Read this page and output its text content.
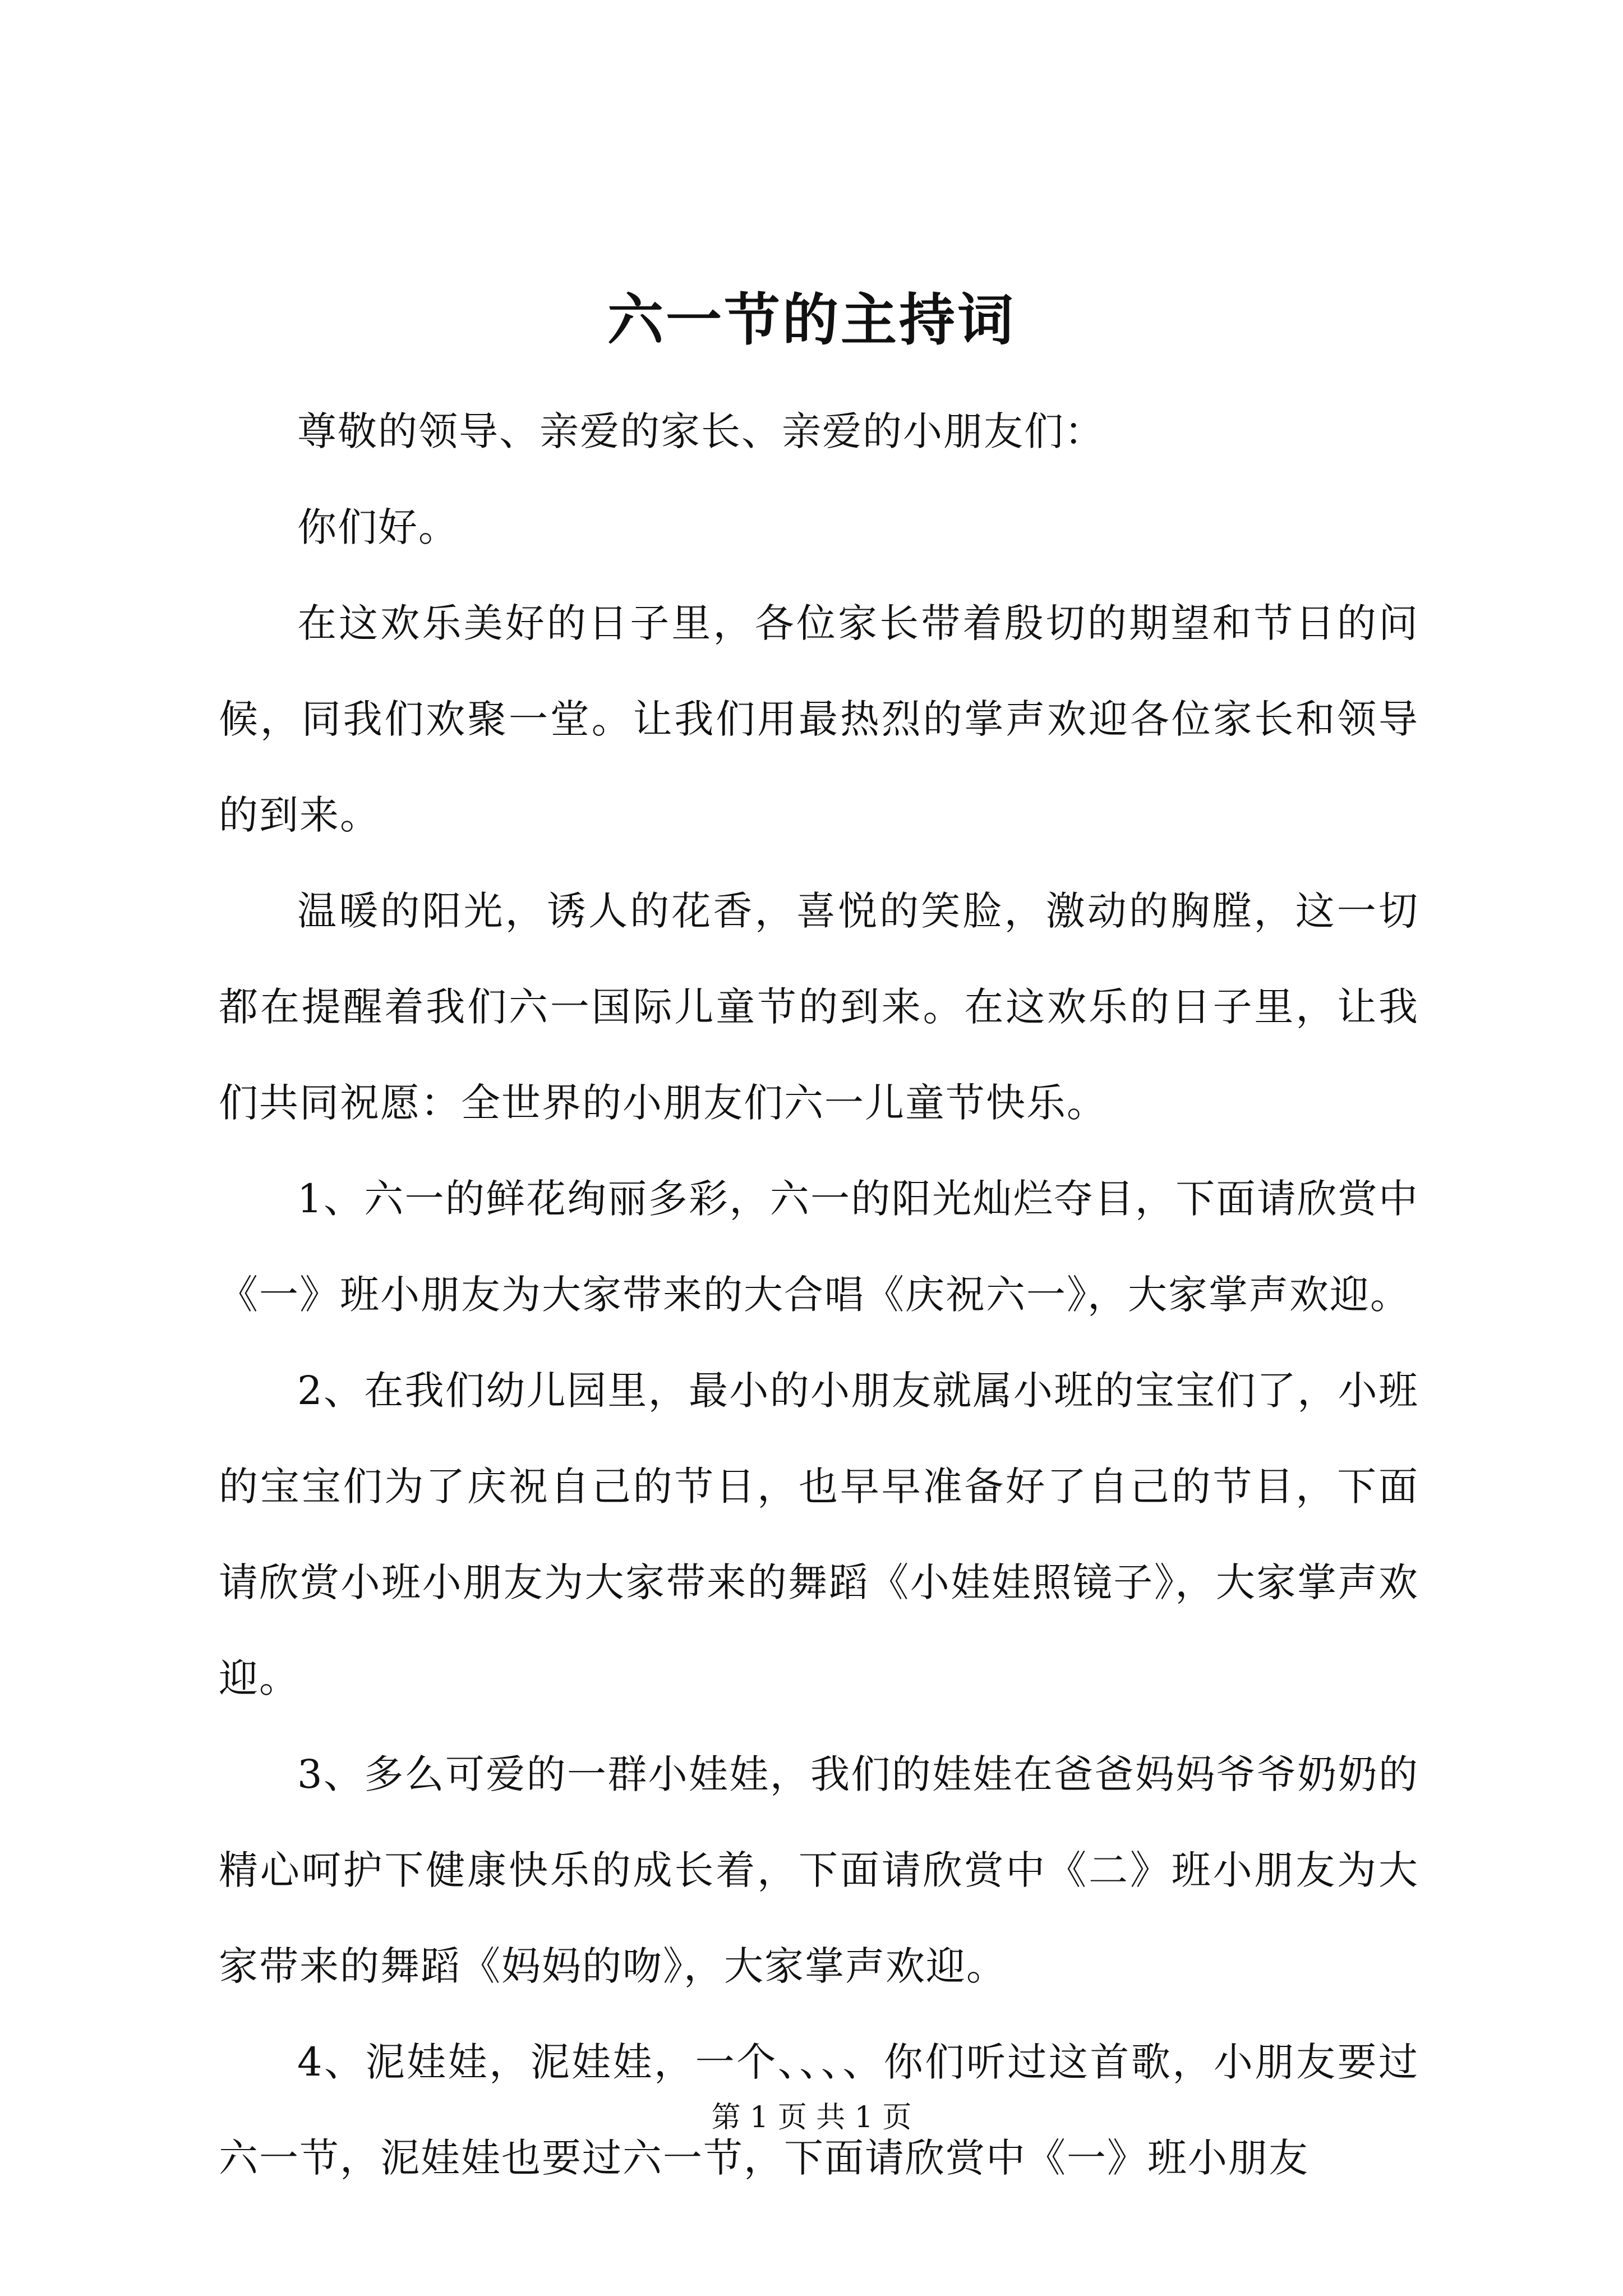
六一节的主持词

尊敬的领导、亲爱的家长、亲爱的小朋友们：

你们好。

在这欢乐美好的日子里，各位家长带着殷切的期望和节日的问候，同我们欢聚一堂。让我们用最热烈的掌声欢迎各位家长和领导的到来。

温暖的阳光，诱人的花香，喜悦的笑脸，激动的胸膛，这一切都在提醒着我们六一国际儿童节的到来。在这欢乐的日子里，让我们共同祝愿：全世界的小朋友们六一儿童节快乐。

1、六一的鲜花绚丽多彩，六一的阳光灿烂夺目，下面请欣赏中《一》班小朋友为大家带来的大合唱《庆祝六一》，大家掌声欢迎。

2、在我们幼儿园里，最小的小朋友就属小班的宝宝们了，小班的宝宝们为了庆祝自己的节日，也早早准备好了自己的节目，下面请欣赏小班小朋友为大家带来的舞蹈《小娃娃照镜子》，大家掌声欢迎。

3、多么可爱的一群小娃娃，我们的娃娃在爸爸妈妈爷爷奶奶的精心呵护下健康快乐的成长着，下面请欣赏中《二》班小朋友为大家带来的舞蹈《妈妈的吻》，大家掌声欢迎。

4、泥娃娃，泥娃娃，一个、、、、你们听过这首歌，小朋友要过六一节，泥娃娃也要过六一节，下面请欣赏中《一》班小朋友

第 1 页 共 1 页
